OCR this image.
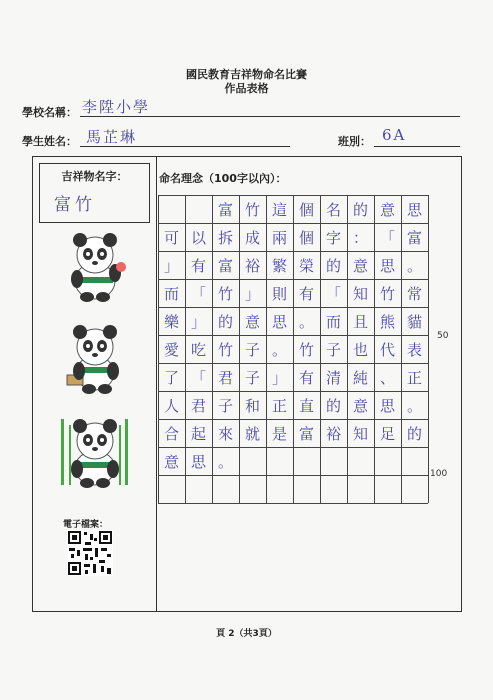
國民教育吉祥物命名比賽
作品表格
學校名稱： 李陞小學
學生姓名： 馬芷琳	班別： 6A
吉祥物名字：
富竹
電子檔案：
命名理念（100字以內）：
富 竹 這 個 名 的 意 思
可 以 拆 成 兩 個 字 ： 「 富
」 有 富 裕 繁 榮 的 意 思 。
而 「 竹 」 則 有 「 知 竹 常
樂 」 的 意 思 。 而 且 熊 貓
愛 吃 竹 子 。 竹 子 也 代 表
了 「 君 子 」 有 清 純 、 正
人 君 子 和 正 直 的 意 思 。
合 起 來 就 是 富 裕 知 足 的
意 思 。
50
100
頁 2（共3頁）
